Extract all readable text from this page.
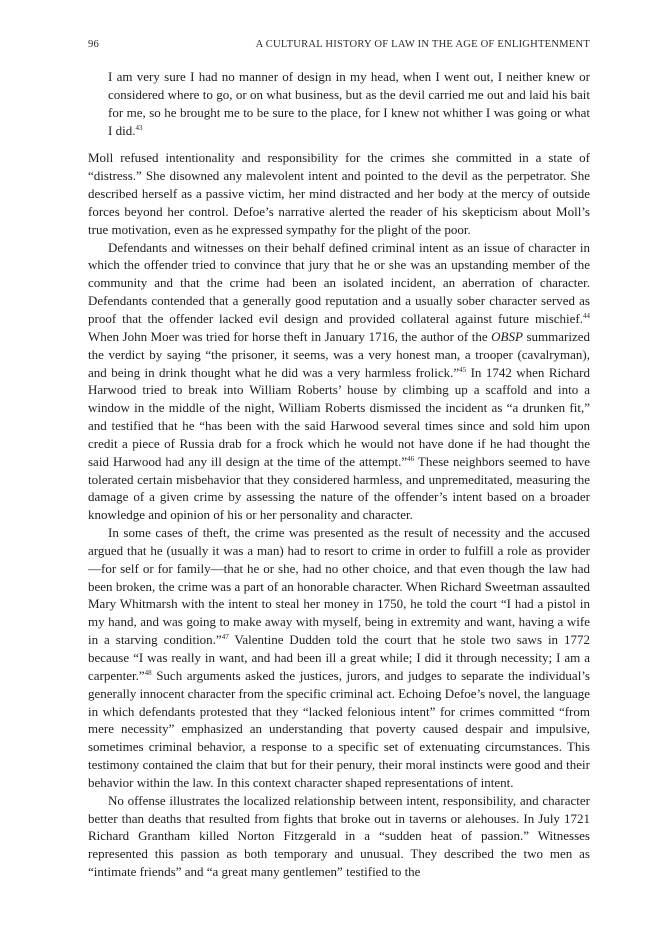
96	A CULTURAL HISTORY OF LAW IN THE AGE OF ENLIGHTENMENT

I am very sure I had no manner of design in my head, when I went out, I neither knew or considered where to go, or on what business, but as the devil carried me out and laid his bait for me, so he brought me to be sure to the place, for I knew not whither I was going or what I did.$^{43}$

Moll refused intentionality and responsibility for the crimes she committed in a state of “distress.” She disowned any malevolent intent and pointed to the devil as the perpetrator. She described herself as a passive victim, her mind distracted and her body at the mercy of outside forces beyond her control. Defoe’s narrative alerted the reader of his skepticism about Moll’s true motivation, even as he expressed sympathy for the plight of the poor.

Defendants and witnesses on their behalf defined criminal intent as an issue of character in which the offender tried to convince that jury that he or she was an upstanding member of the community and that the crime had been an isolated incident, an aberration of character. Defendants contended that a generally good reputation and a usually sober character served as proof that the offender lacked evil design and provided collateral against future mischief.$^{44}$ When John Moer was tried for horse theft in January 1716, the author of the OBSP summarized the verdict by saying “the prisoner, it seems, was a very honest man, a trooper (cavalryman), and being in drink thought what he did was a very harmless frolick.”$^{45}$ In 1742 when Richard Harwood tried to break into William Roberts’ house by climbing up a scaffold and into a window in the middle of the night, William Roberts dismissed the incident as “a drunken fit,” and testified that he “has been with the said Harwood several times since and sold him upon credit a piece of Russia drab for a frock which he would not have done if he had thought the said Harwood had any ill design at the time of the attempt.”$^{46}$ These neighbors seemed to have tolerated certain misbehavior that they considered harmless, and unpremeditated, measuring the damage of a given crime by assessing the nature of the offender’s intent based on a broader knowledge and opinion of his or her personality and character.

In some cases of theft, the crime was presented as the result of necessity and the accused argued that he (usually it was a man) had to resort to crime in order to fulfill a role as provider—for self or for family—that he or she, had no other choice, and that even though the law had been broken, the crime was a part of an honorable character. When Richard Sweetman assaulted Mary Whitmarsh with the intent to steal her money in 1750, he told the court “I had a pistol in my hand, and was going to make away with myself, being in extremity and want, having a wife in a starving condition.”$^{47}$ Valentine Dudden told the court that he stole two saws in 1772 because “I was really in want, and had been ill a great while; I did it through necessity; I am a carpenter.”$^{48}$ Such arguments asked the justices, jurors, and judges to separate the individual’s generally innocent character from the specific criminal act. Echoing Defoe’s novel, the language in which defendants protested that they “lacked felonious intent” for crimes committed “from mere necessity” emphasized an understanding that poverty caused despair and impulsive, sometimes criminal behavior, a response to a specific set of extenuating circumstances. This testimony contained the claim that but for their penury, their moral instincts were good and their behavior within the law. In this context character shaped representations of intent.

No offense illustrates the localized relationship between intent, responsibility, and character better than deaths that resulted from fights that broke out in taverns or alehouses. In July 1721 Richard Grantham killed Norton Fitzgerald in a “sudden heat of passion.” Witnesses represented this passion as both temporary and unusual. They described the two men as “intimate friends” and “a great many gentlemen” testified to the
